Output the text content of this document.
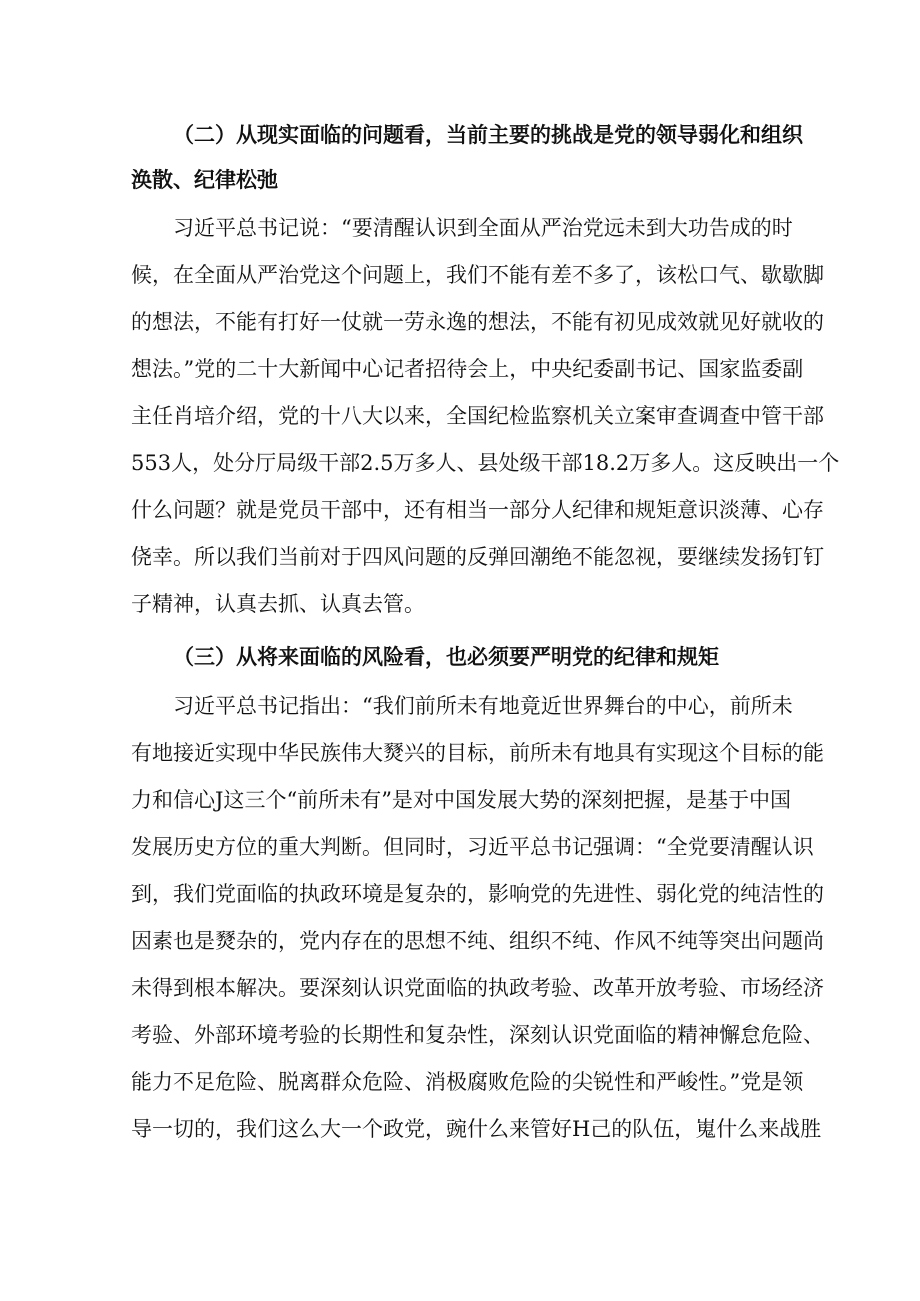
（二）从现实面临的问题看，当前主要的挑战是党的领导弱化和组织
涣散、纪律松弛
习近平总书记说：“要清醒认识到全面从严治党远未到大功告成的时
候，在全面从严治党这个问题上，我们不能有差不多了，该松口气、歇歇脚
的想法，不能有打好一仗就一劳永逸的想法，不能有初见成效就见好就收的
想法。”党的二十大新闻中心记者招待会上，中央纪委副书记、国家监委副
主任肖培介绍，党的十八大以来，全国纪检监察机关立案审查调查中管干部
553人，处分厅局级干部2.5万多人、县处级干部18.2万多人。这反映出一个
什么问题？就是党员干部中，还有相当一部分人纪律和规矩意识淡薄、心存
侥幸。所以我们当前对于四风问题的反弹回潮绝不能忽视，要继续发扬钉钉
子精神，认真去抓、认真去管。
（三）从将来面临的风险看，也必须要严明党的纪律和规矩
习近平总书记指出：“我们前所未有地竟近世界舞台的中心，前所未
有地接近实现中华民族伟大燹兴的目标，前所未有地具有实现这个目标的能
力和信心J这三个“前所未有”是对中国发展大势的深刻把握，是基于中国
发展历史方位的重大判断。但同时，习近平总书记强调：“全党要清醒认识
到，我们党面临的执政环境是复杂的，影响党的先进性、弱化党的纯洁性的
因素也是燹杂的，党内存在的思想不纯、组织不纯、作风不纯等突出问题尚
未得到根本解决。要深刻认识党面临的执政考验、改革开放考验、市场经济
考验、外部环境考验的长期性和复杂性，深刻认识党面临的精神懈怠危险、
能力不足危险、脱离群众危险、消极腐败危险的尖锐性和严峻性。”党是领
导一切的，我们这么大一个政党，豌什么来管好H己的队伍，嵬什么来战胜
